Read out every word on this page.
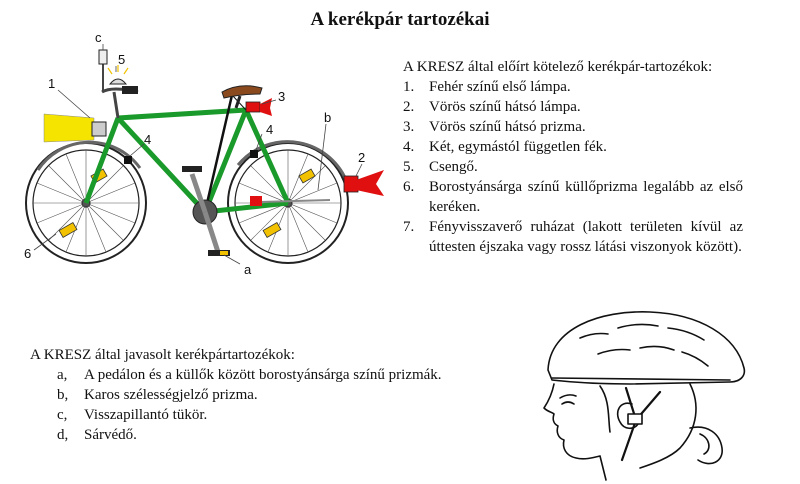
A kerékpár tartozékai
c
5
1
3
4
4
b
2
6
a

A KRESZ által előírt kötelező kerékpár-tartozékok:

1. Fehér színű első lámpa.
2. Vörös színű hátsó lámpa.
3. Vörös színű hátsó prizma.
4. Két, egymástól független fék.
5. Csengő.
6. Borostyánsárga színű küllőprizma legalább az első keréken.
7. Fényvisszaverő ruházat (lakott területen kívül az úttesten éjszaka vagy rossz látási viszonyok között).

A KRESZ által javasolt kerékpártartozékok:

a,	A pedálon és a küllők között borostyánsárga színű prizmák.
b,	Karos szélességjelző prizma.
c,	Visszapillantó tükör.
d,	Sárvédő.
